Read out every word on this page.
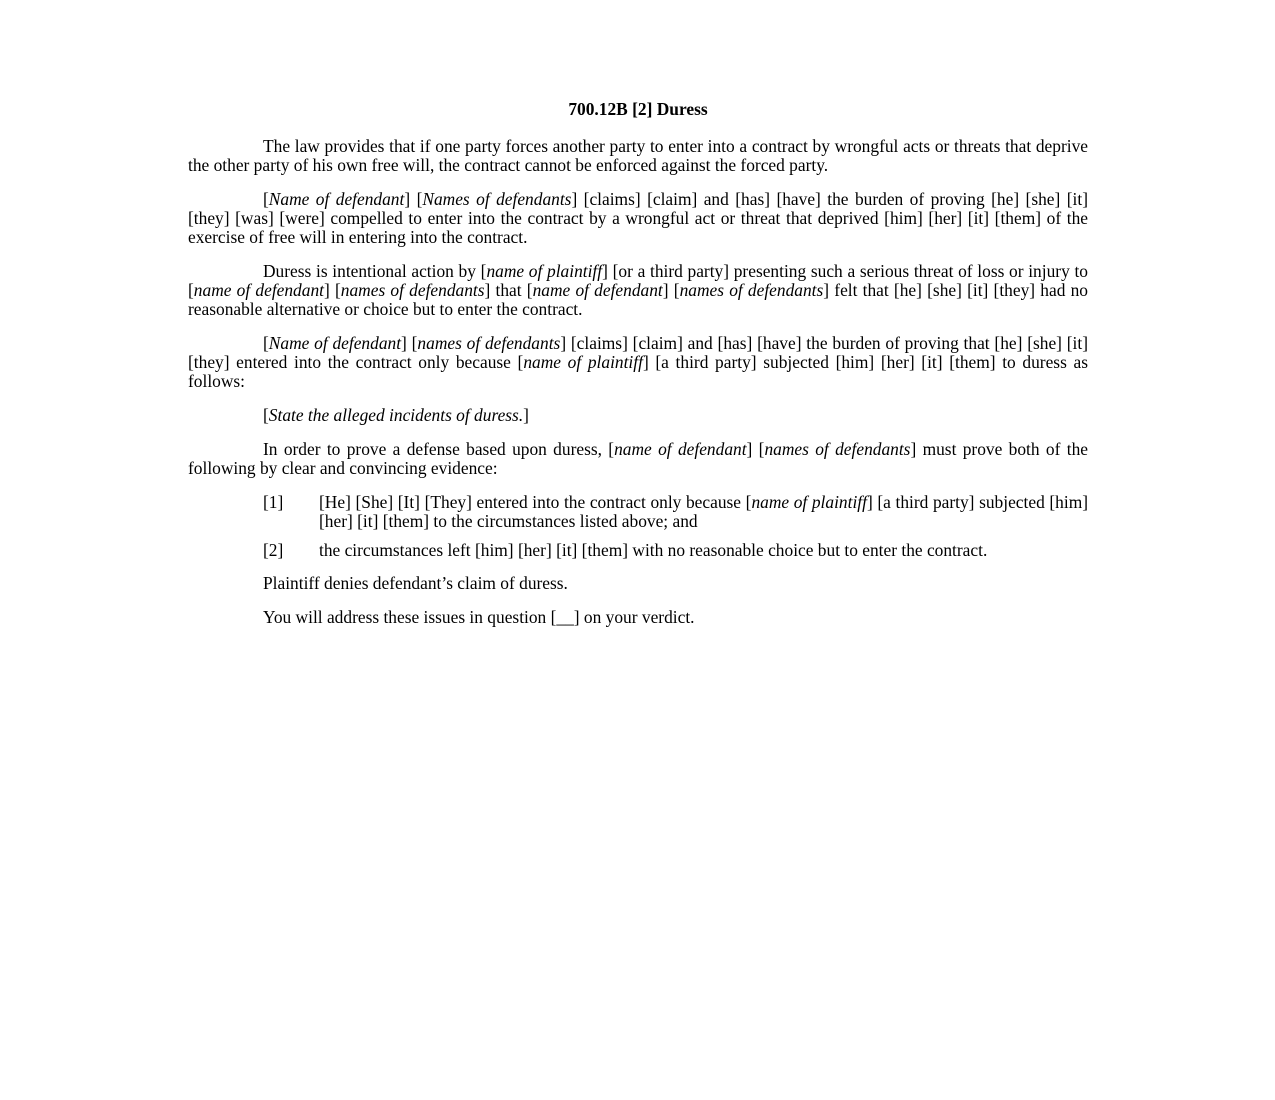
700.12B [2] Duress

The law provides that if one party forces another party to enter into a contract by wrongful acts or threats that deprive the other party of his own free will, the contract cannot be enforced against the forced party.

[Name of defendant] [Names of defendants] [claims] [claim] and [has] [have] the burden of proving [he] [she] [it] [they] [was] [were] compelled to enter into the contract by a wrongful act or threat that deprived [him] [her] [it] [them] of the exercise of free will in entering into the contract.

Duress is intentional action by [name of plaintiff] [or a third party] presenting such a serious threat of loss or injury to [name of defendant] [names of defendants] that [name of defendant] [names of defendants] felt that [he] [she] [it] [they] had no reasonable alternative or choice but to enter the contract.

[Name of defendant] [names of defendants] [claims] [claim] and [has] [have] the burden of proving that [he] [she] [it] [they] entered into the contract only because [name of plaintiff] [a third party] subjected [him] [her] [it] [them] to duress as follows:

[State the alleged incidents of duress.]

In order to prove a defense based upon duress, [name of defendant] [names of defendants] must prove both of the following by clear and convincing evidence:

[1]	[He] [She] [It] [They] entered into the contract only because [name of plaintiff] [a third party] subjected [him] [her] [it] [them] to the circumstances listed above; and
[2]	the circumstances left [him] [her] [it] [them] with no reasonable choice but to enter the contract.

Plaintiff denies defendant’s claim of duress.

You will address these issues in question [__] on your verdict.
